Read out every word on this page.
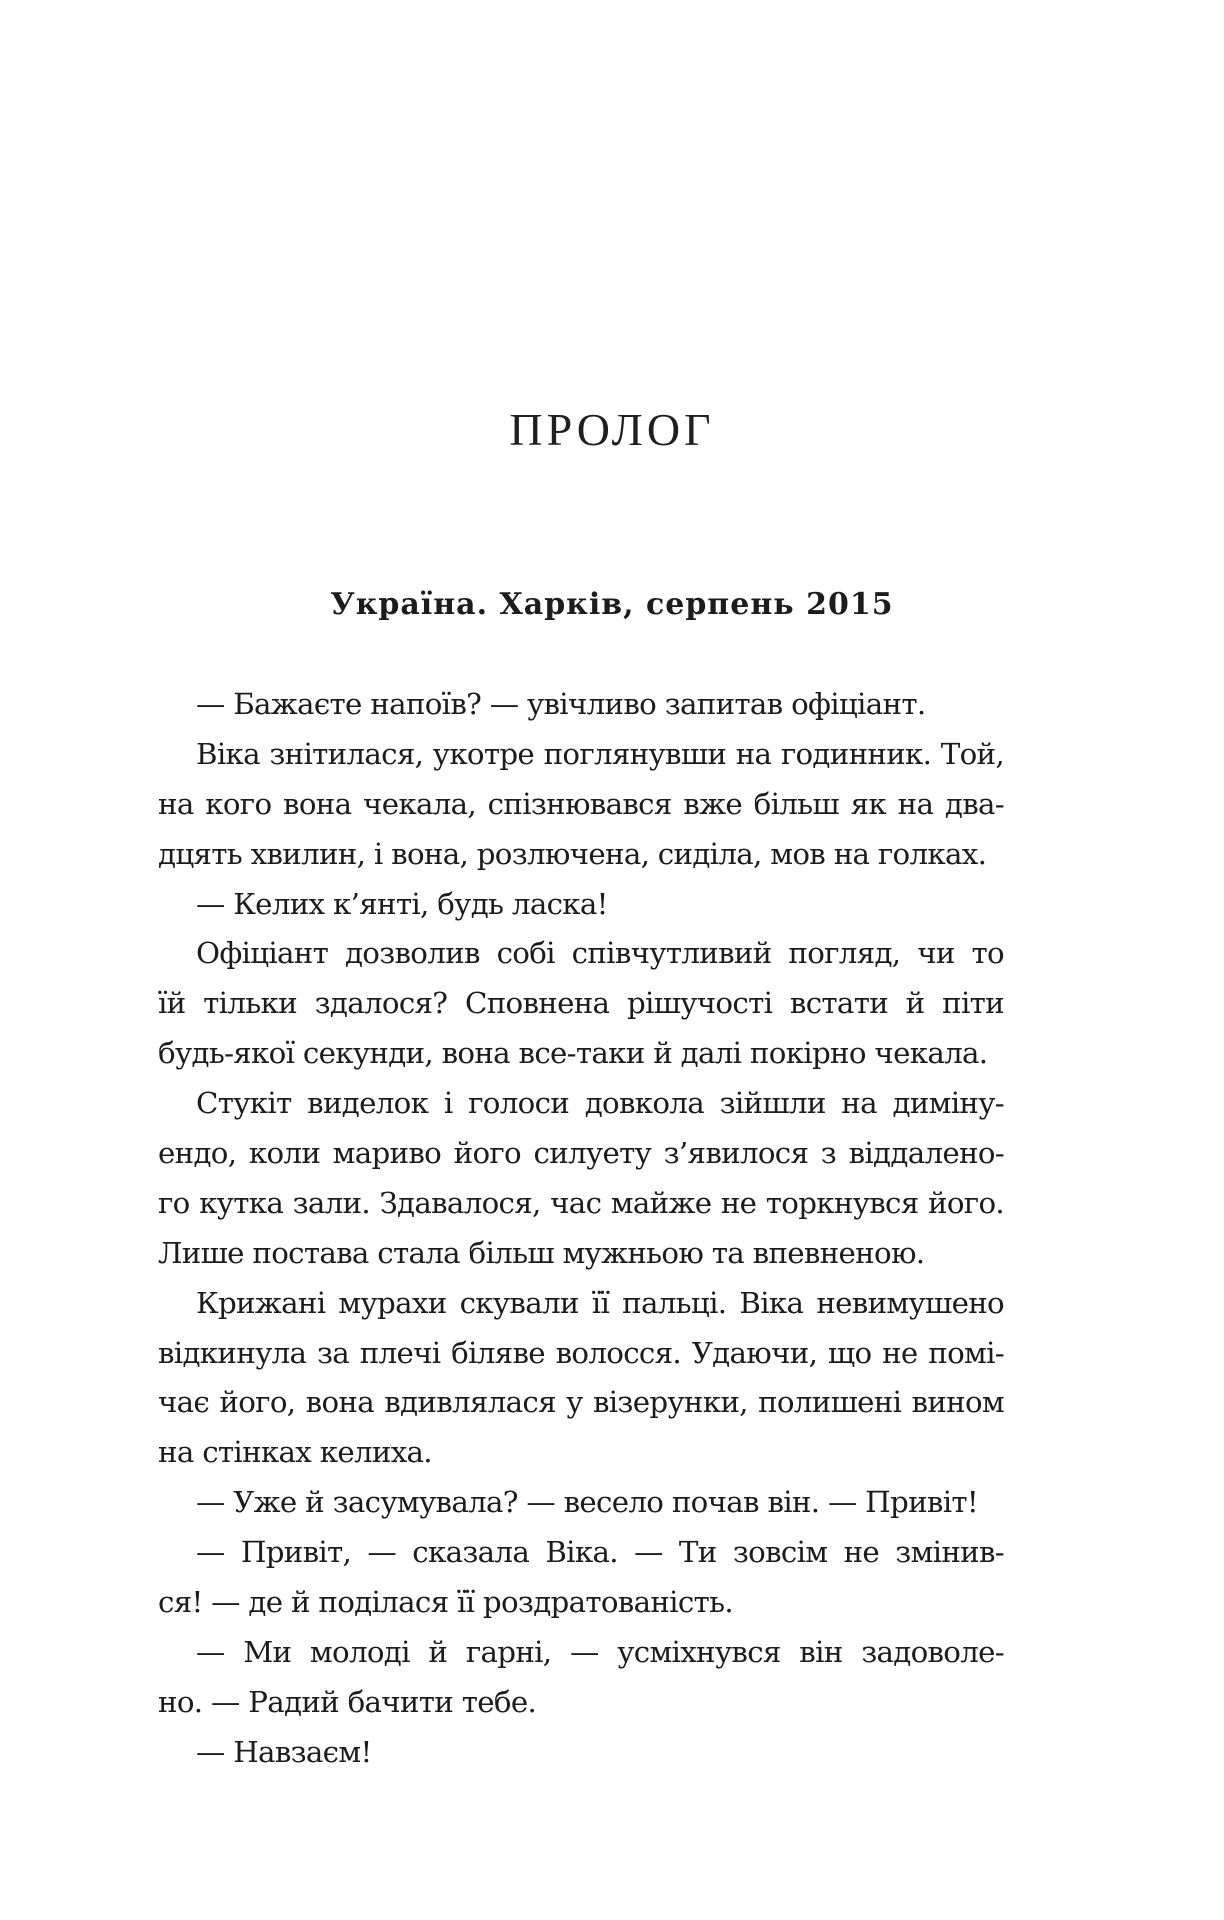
ПРОЛОГ
Україна. Харків, серпень 2015
— Бажаєте напоїв? — увічливо запитав офіціант.
Віка знітилася, укотре поглянувши на годинник. Той,
на кого вона чекала, спізнювався вже більш як на два-
дцять хвилин, і вона, розлючена, сиділа, мов на голках.
— Келих к’янті, будь ласка!
Офіціант дозволив собі співчутливий погляд, чи то
їй тільки здалося? Сповнена рішучості встати й піти
будь-якої секунди, вона все-таки й далі покірно чекала.
Стукіт виделок і голоси довкола зійшли на диміну-
ендо, коли мариво його силуету з’явилося з віддалено-
го кутка зали. Здавалося, час майже не торкнувся його.
Лише постава стала більш мужньою та впевненою.
Крижані мурахи скували її пальці. Віка невимушено
відкинула за плечі біляве волосся. Удаючи, що не помі-
чає його, вона вдивлялася у візерунки, полишені вином
на стінках келиха.
— Уже й засумувала? — весело почав він. — Привіт!
— Привіт, — сказала Віка. — Ти зовсім не змінив-
ся! — де й поділася її роздратованість.
— Ми молоді й гарні, — усміхнувся він задоволе-
но. — Радий бачити тебе.
— Навзаєм!
